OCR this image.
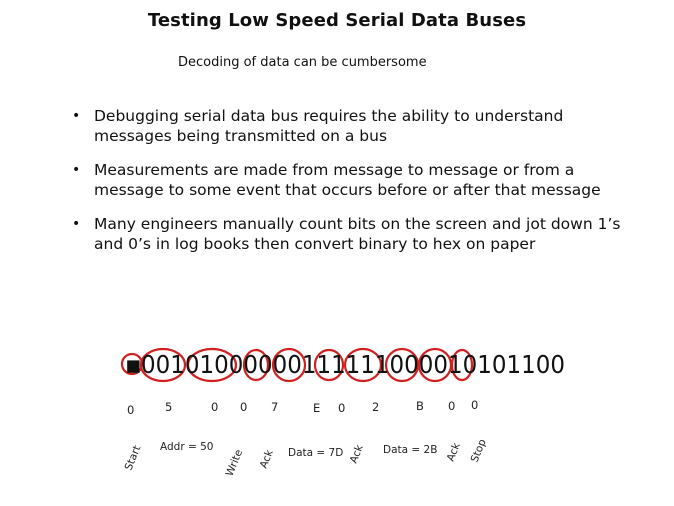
Testing Low Speed Serial Data Buses
Decoding of data can be cumbersome
• Debugging serial data bus requires the ability to understand messages being transmitted on a bus
• Measurements are made from message to message or from a message to some event that occurs before or after that message
• Many engineers manually count bits on the screen and jot down 1’s and 0’s in log books then convert binary to hex on paper
▪ 00101000000111111000010101100
0	5	0 0 7	E 0 2	B 0 0
Start Addr = 50
Write Ack Data = 7D Ack Data = 2B Ack Stop
